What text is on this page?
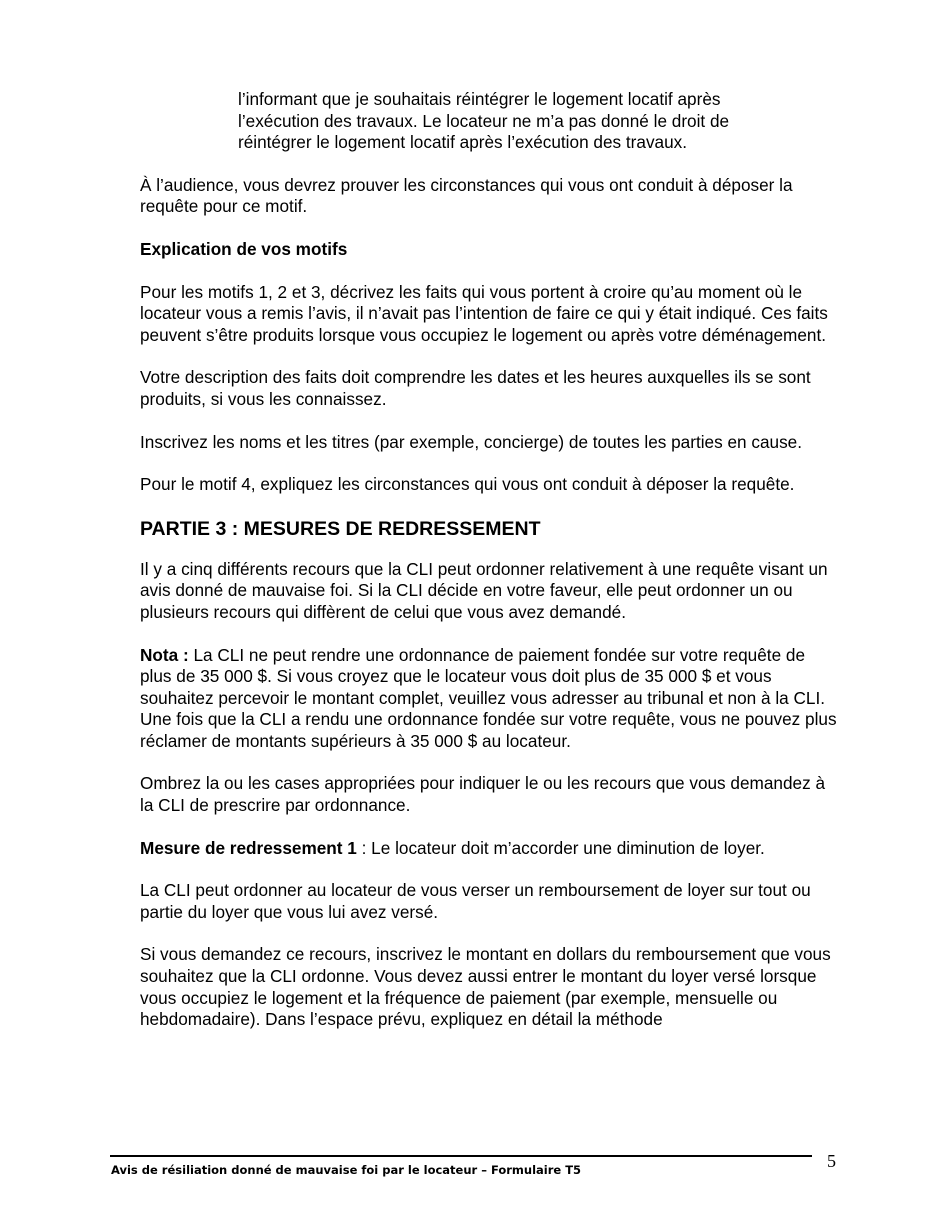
l’informant que je souhaitais réintégrer le logement locatif après l’exécution des travaux. Le locateur ne m’a pas donné le droit de réintégrer le logement locatif après l’exécution des travaux.

À l’audience, vous devrez prouver les circonstances qui vous ont conduit à déposer la requête pour ce motif.

Explication de vos motifs

Pour les motifs 1, 2 et 3, décrivez les faits qui vous portent à croire qu’au moment où le locateur vous a remis l’avis, il n’avait pas l’intention de faire ce qui y était indiqué. Ces faits peuvent s’être produits lorsque vous occupiez le logement ou après votre déménagement.

Votre description des faits doit comprendre les dates et les heures auxquelles ils se sont produits, si vous les connaissez.

Inscrivez les noms et les titres (par exemple, concierge) de toutes les parties en cause.

Pour le motif 4, expliquez les circonstances qui vous ont conduit à déposer la requête.

PARTIE 3 : MESURES DE REDRESSEMENT

Il y a cinq différents recours que la CLI peut ordonner relativement à une requête visant un avis donné de mauvaise foi. Si la CLI décide en votre faveur, elle peut ordonner un ou plusieurs recours qui diffèrent de celui que vous avez demandé.

Nota : La CLI ne peut rendre une ordonnance de paiement fondée sur votre requête de plus de 35 000 $. Si vous croyez que le locateur vous doit plus de 35 000 $ et vous souhaitez percevoir le montant complet, veuillez vous adresser au tribunal et non à la CLI. Une fois que la CLI a rendu une ordonnance fondée sur votre requête, vous ne pouvez plus réclamer de montants supérieurs à 35 000 $ au locateur.

Ombrez la ou les cases appropriées pour indiquer le ou les recours que vous demandez à la CLI de prescrire par ordonnance.

Mesure de redressement 1 : Le locateur doit m’accorder une diminution de loyer.

La CLI peut ordonner au locateur de vous verser un remboursement de loyer sur tout ou partie du loyer que vous lui avez versé.

Si vous demandez ce recours, inscrivez le montant en dollars du remboursement que vous souhaitez que la CLI ordonne. Vous devez aussi entrer le montant du loyer versé lorsque vous occupiez le logement et la fréquence de paiement (par exemple, mensuelle ou hebdomadaire). Dans l’espace prévu, expliquez en détail la méthode

Avis de résiliation donné de mauvaise foi par le locateur – Formulaire T5	5
